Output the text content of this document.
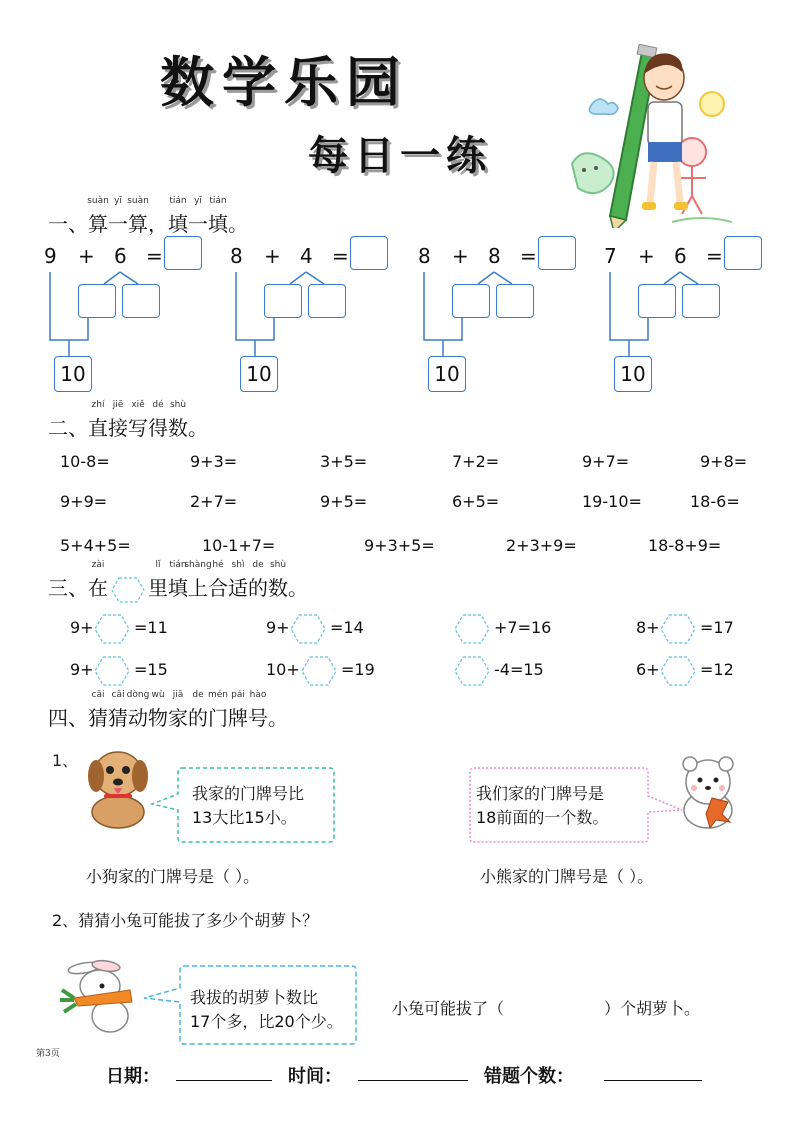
数学乐园
每日一练
一、
suàn
算
yī
一
suàn
算，
tián
填
yī
一
tián
填。
9 + 6 =
10
8 + 4 =
10
8 + 8 =
10
7 + 6 =
10
二、
zhí
直
jiē
接
xiě
写
dé
得
shù
数。
10-8=	9+3=	3+5=	7+2=	9+7=	9+8=
9+9=	2+7=	9+5=	6+5=	19-10=	18-6=
5+4+5=	10-1+7=	9+3+5=	2+3+9=	18-8+9=
三、
zài
在
lǐ
里
tián
填
shàng
上
hé
合
shì
适
de
的
shù
数。
9+	=11	9+	=14	+7=16	8+	=17
9+	=15	10+	=19	-4=15	6+	=12
四、
cāi
猜
cāi
猜
dòng
动
wù
物
jiā
家
de
的
mén
门
pái
牌
hào
号。
1、
我家的门牌号比
13大比15小。
我们家的门牌号是
18前面的一个数。
小狗家的门牌号是（ ）。	小熊家的门牌号是（ ）。
2、猜猜小兔可能拔了多少个胡萝卜？
我拔的胡萝卜数比
17个多，比20个少。
小兔可能拔了（	）个胡萝卜。
第3页
日期：	时间：	错题个数：
